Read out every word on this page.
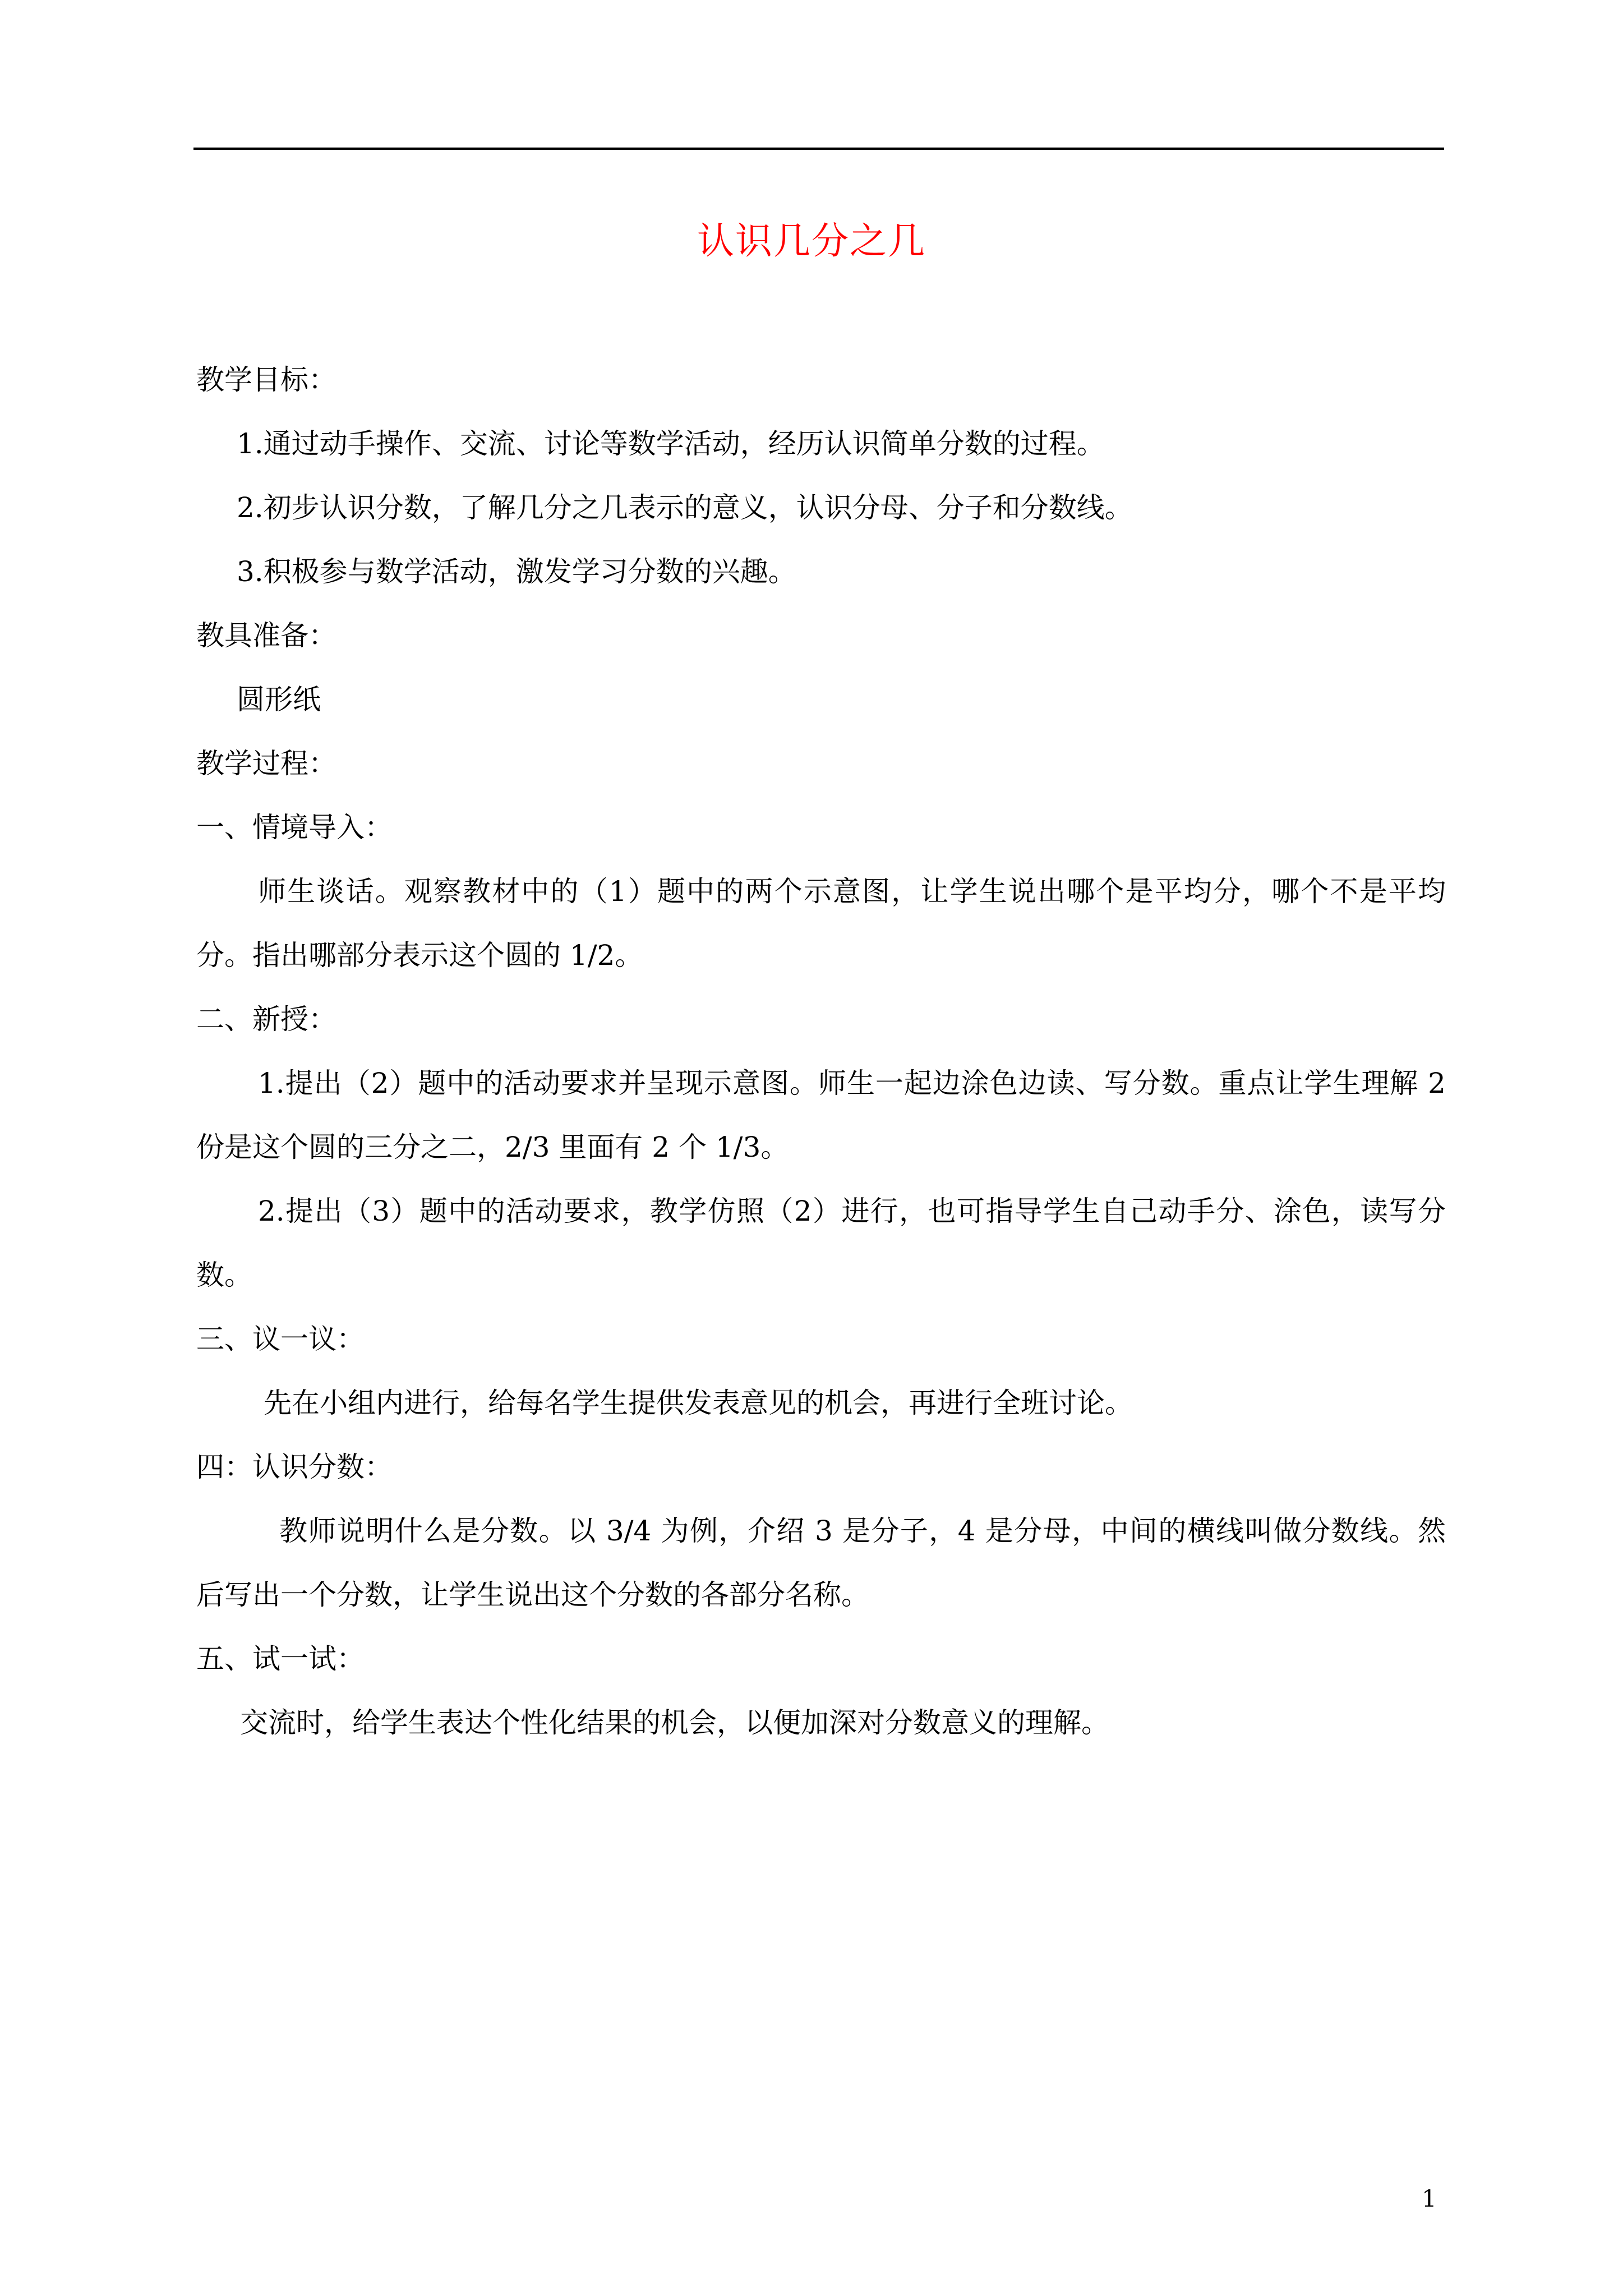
认识几分之几

教学目标：

1.通过动手操作、交流、讨论等数学活动，经历认识简单分数的过程。

2.初步认识分数，了解几分之几表示的意义，认识分母、分子和分数线。

3.积极参与数学活动，激发学习分数的兴趣。

教具准备：

圆形纸

教学过程：

一、情境导入：

师生谈话。观察教材中的（1）题中的两个示意图，让学生说出哪个是平均分，哪个不是平均

分。指出哪部分表示这个圆的 1/2。

二、新授：

1.提出（2）题中的活动要求并呈现示意图。师生一起边涂色边读、写分数。重点让学生理解 2

份是这个圆的三分之二，2/3 里面有 2 个 1/3。

2.提出（3）题中的活动要求，教学仿照（2）进行，也可指导学生自己动手分、涂色，读写分

数。

三、议一议：

先在小组内进行，给每名学生提供发表意见的机会，再进行全班讨论。

四：认识分数：

教师说明什么是分数。以 3/4 为例，介绍 3 是分子，4 是分母，中间的横线叫做分数线。然

后写出一个分数，让学生说出这个分数的各部分名称。

五、试一试：

交流时，给学生表达个性化结果的机会，以便加深对分数意义的理解。

1
